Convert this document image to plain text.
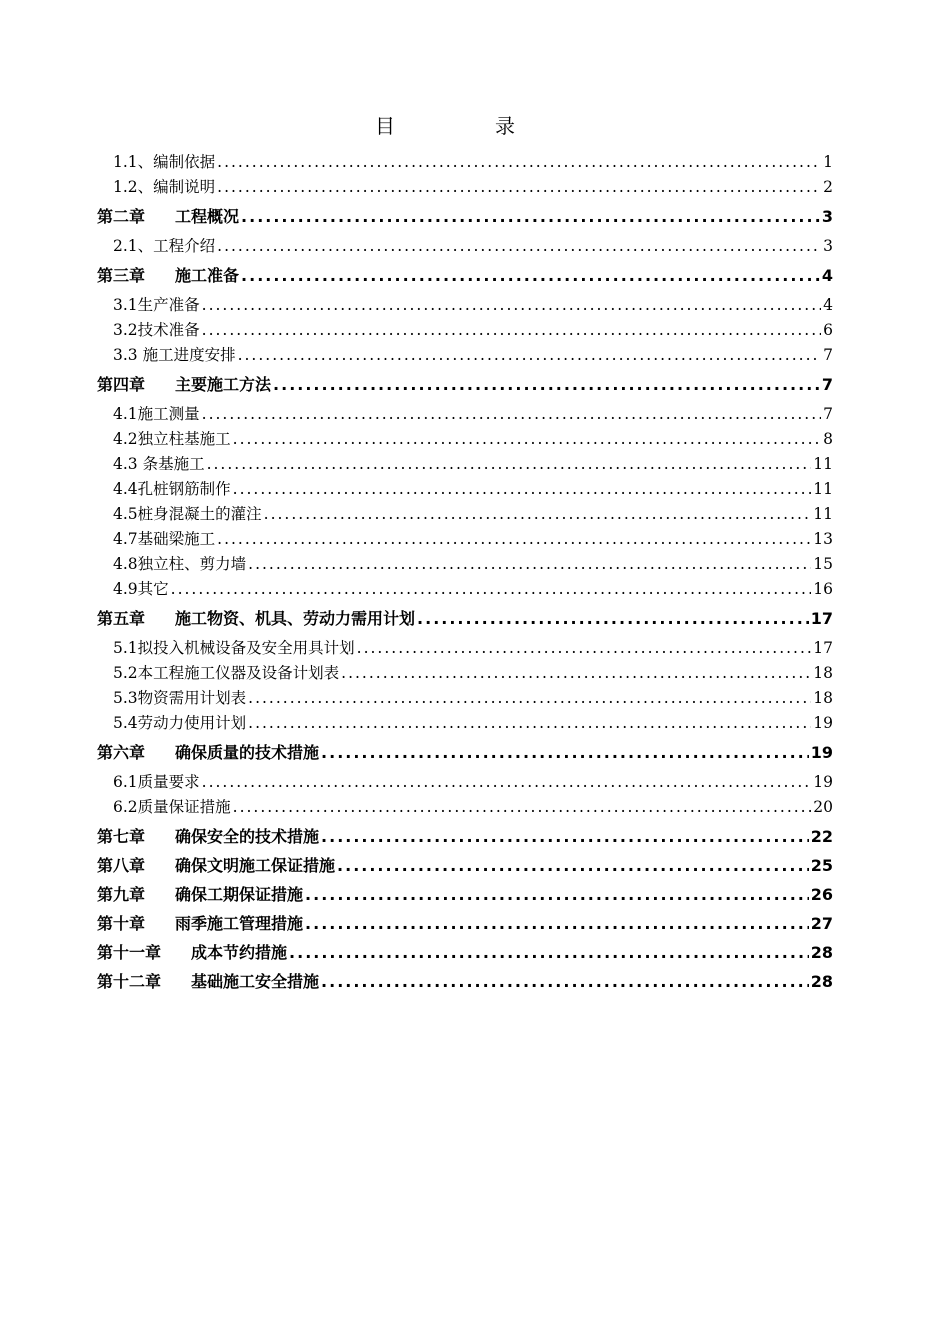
目　录
1.1、编制依据 .....	1
1.2、编制说明 .....	2
第二章 工程概况 .....	3
2.1、工程介绍 .....	3
第三章 施工准备 .....	4
3.1生产准备 .....	4
3.2技术准备 .....	6
3.3 施工进度安排 .....	7
第四章 主要施工方法 .....	7
4.1施工测量 .....	7
4.2独立柱基施工 .....	8
4.3 条基施工 .....	11
4.4孔桩钢筋制作 .....	11
4.5桩身混凝土的灌注 .....	11
4.7基础梁施工 .....	13
4.8独立柱、剪力墙 .....	15
4.9其它 .....	16
第五章 施工物资、机具、劳动力需用计划 .....	17
5.1拟投入机械设备及安全用具计划 .....	17
5.2本工程施工仪器及设备计划表 .....	18
5.3物资需用计划表 .....	18
5.4劳动力使用计划 .....	19
第六章 确保质量的技术措施 .....	19
6.1质量要求 .....	19
6.2质量保证措施 .....	20
第七章 确保安全的技术措施 .....	22
第八章 确保文明施工保证措施 .....	25
第九章 确保工期保证措施 .....	26
第十章 雨季施工管理措施 .....	27
第十一章 成本节约措施 .....	28
第十二章 基础施工安全措施 .....	28
